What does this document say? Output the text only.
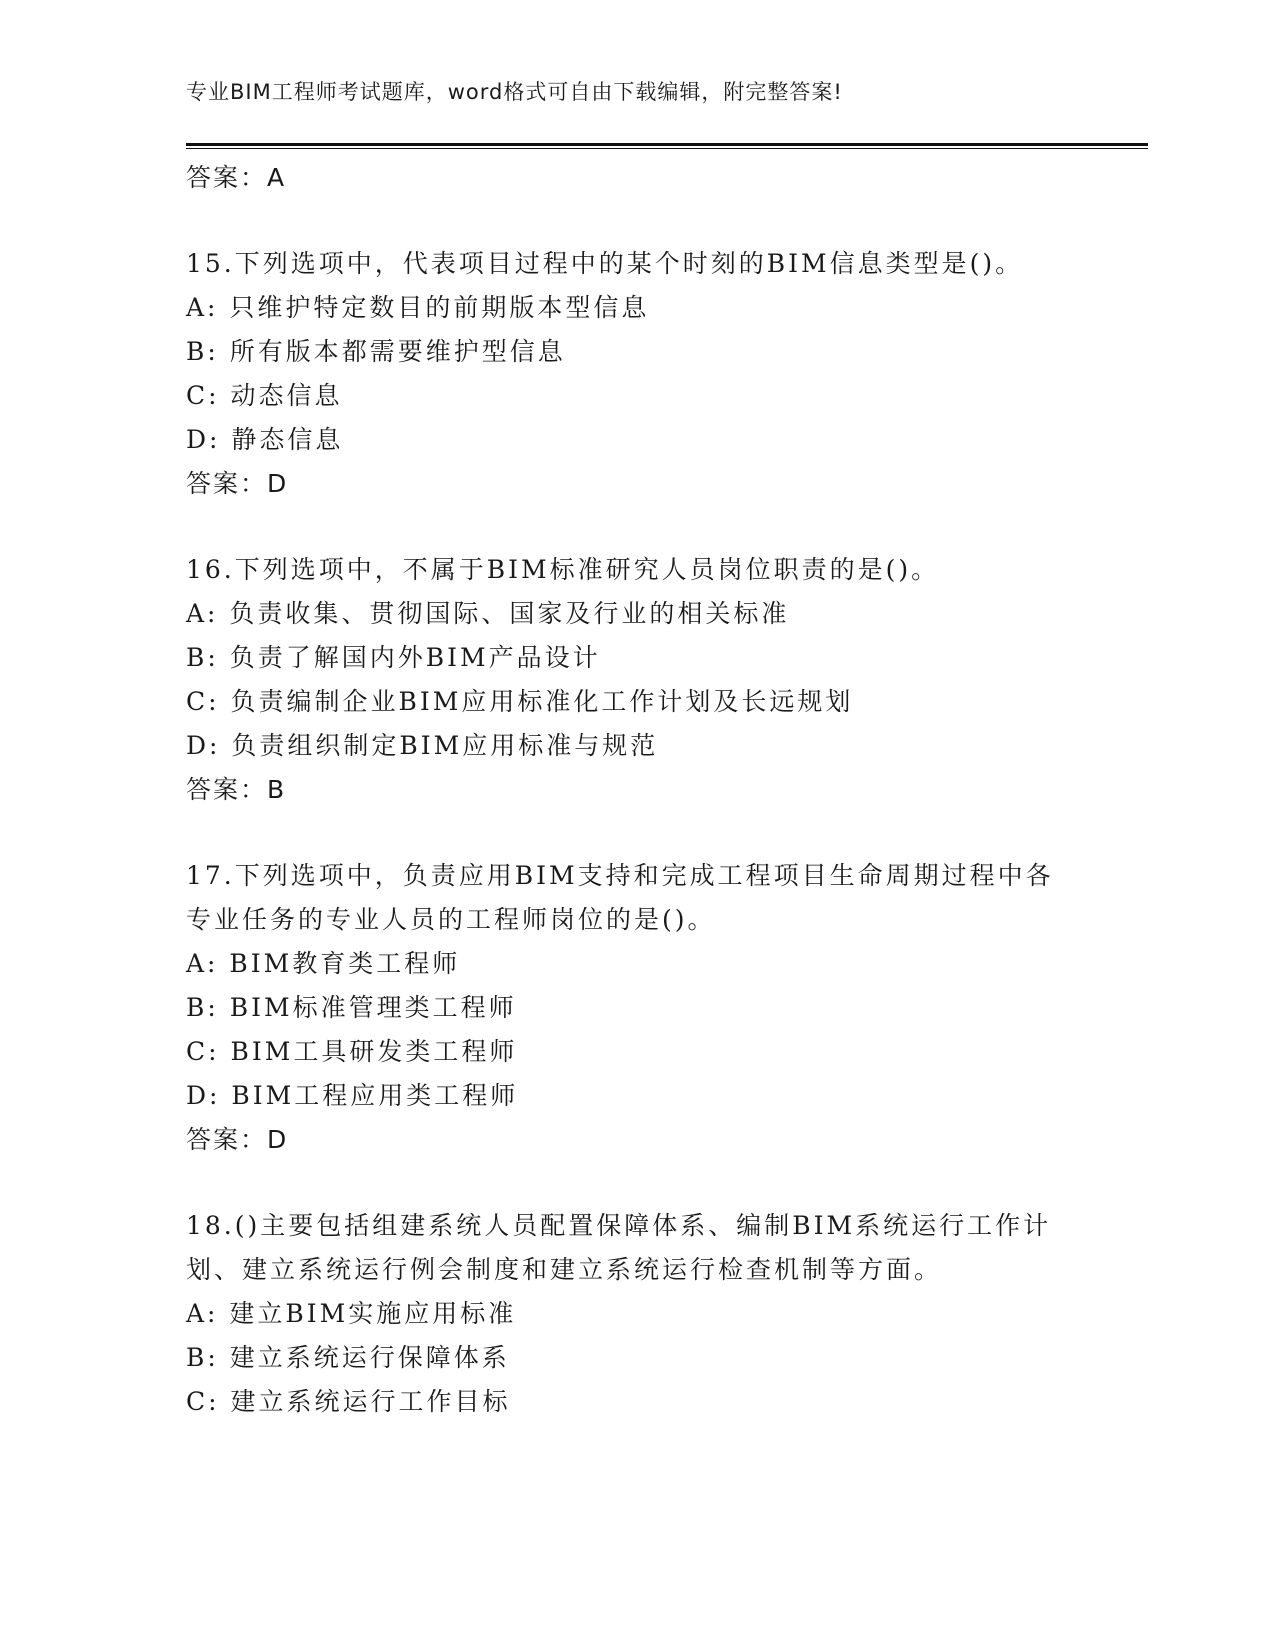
专业BIM工程师考试题库，word格式可自由下载编辑，附完整答案!
答案：A
15.下列选项中，代表项目过程中的某个时刻的BIM信息类型是()。
A: 只维护特定数目的前期版本型信息
B: 所有版本都需要维护型信息
C: 动态信息
D: 静态信息
答案：D
16.下列选项中，不属于BIM标准研究人员岗位职责的是()。
A: 负责收集、贯彻国际、国家及行业的相关标准
B: 负责了解国内外BIM产品设计
C: 负责编制企业BIM应用标准化工作计划及长远规划
D: 负责组织制定BIM应用标准与规范
答案：B
17.下列选项中，负责应用BIM支持和完成工程项目生命周期过程中各
专业任务的专业人员的工程师岗位的是()。
A: BIM教育类工程师
B: BIM标准管理类工程师
C: BIM工具研发类工程师
D: BIM工程应用类工程师
答案：D
18.()主要包括组建系统人员配置保障体系、编制BIM系统运行工作计
划、建立系统运行例会制度和建立系统运行检查机制等方面。
A: 建立BIM实施应用标准
B: 建立系统运行保障体系
C: 建立系统运行工作目标
